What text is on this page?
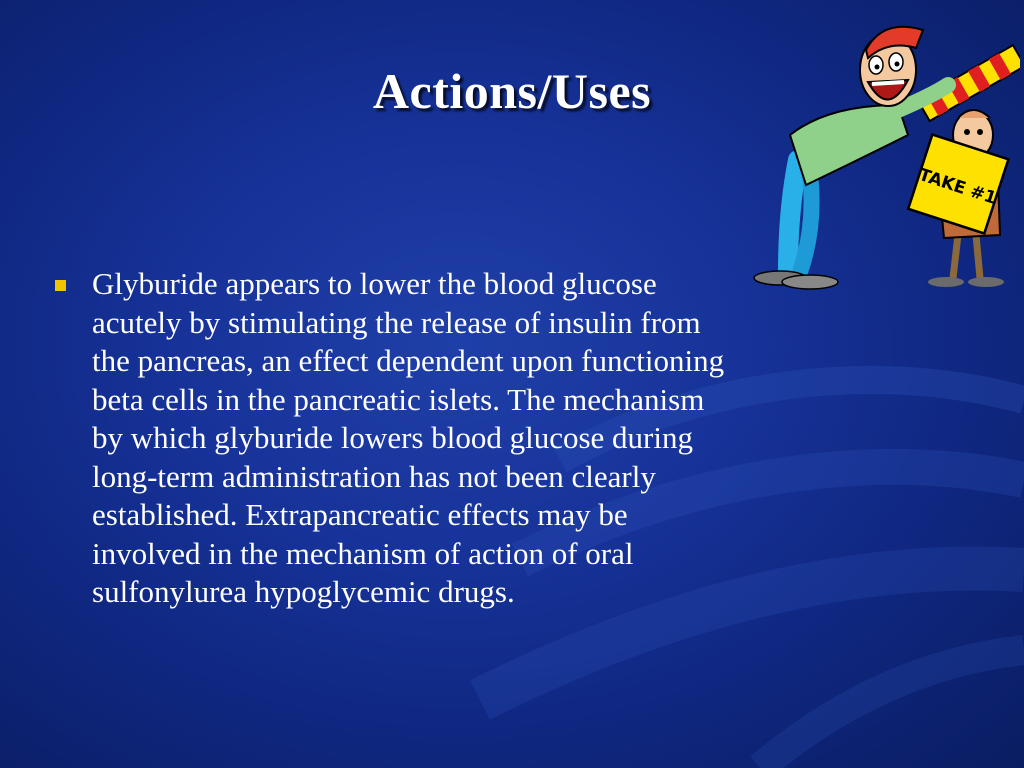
Actions/Uses
Glyburide appears to lower the blood glucose acutely by stimulating the release of insulin from the pancreas, an effect dependent upon functioning beta cells in the pancreatic islets. The mechanism by which glyburide lowers blood glucose during long-term administration has not been clearly established. Extrapancreatic effects may be involved in the mechanism of action of oral sulfonylurea hypoglycemic drugs.
TAKE #1
